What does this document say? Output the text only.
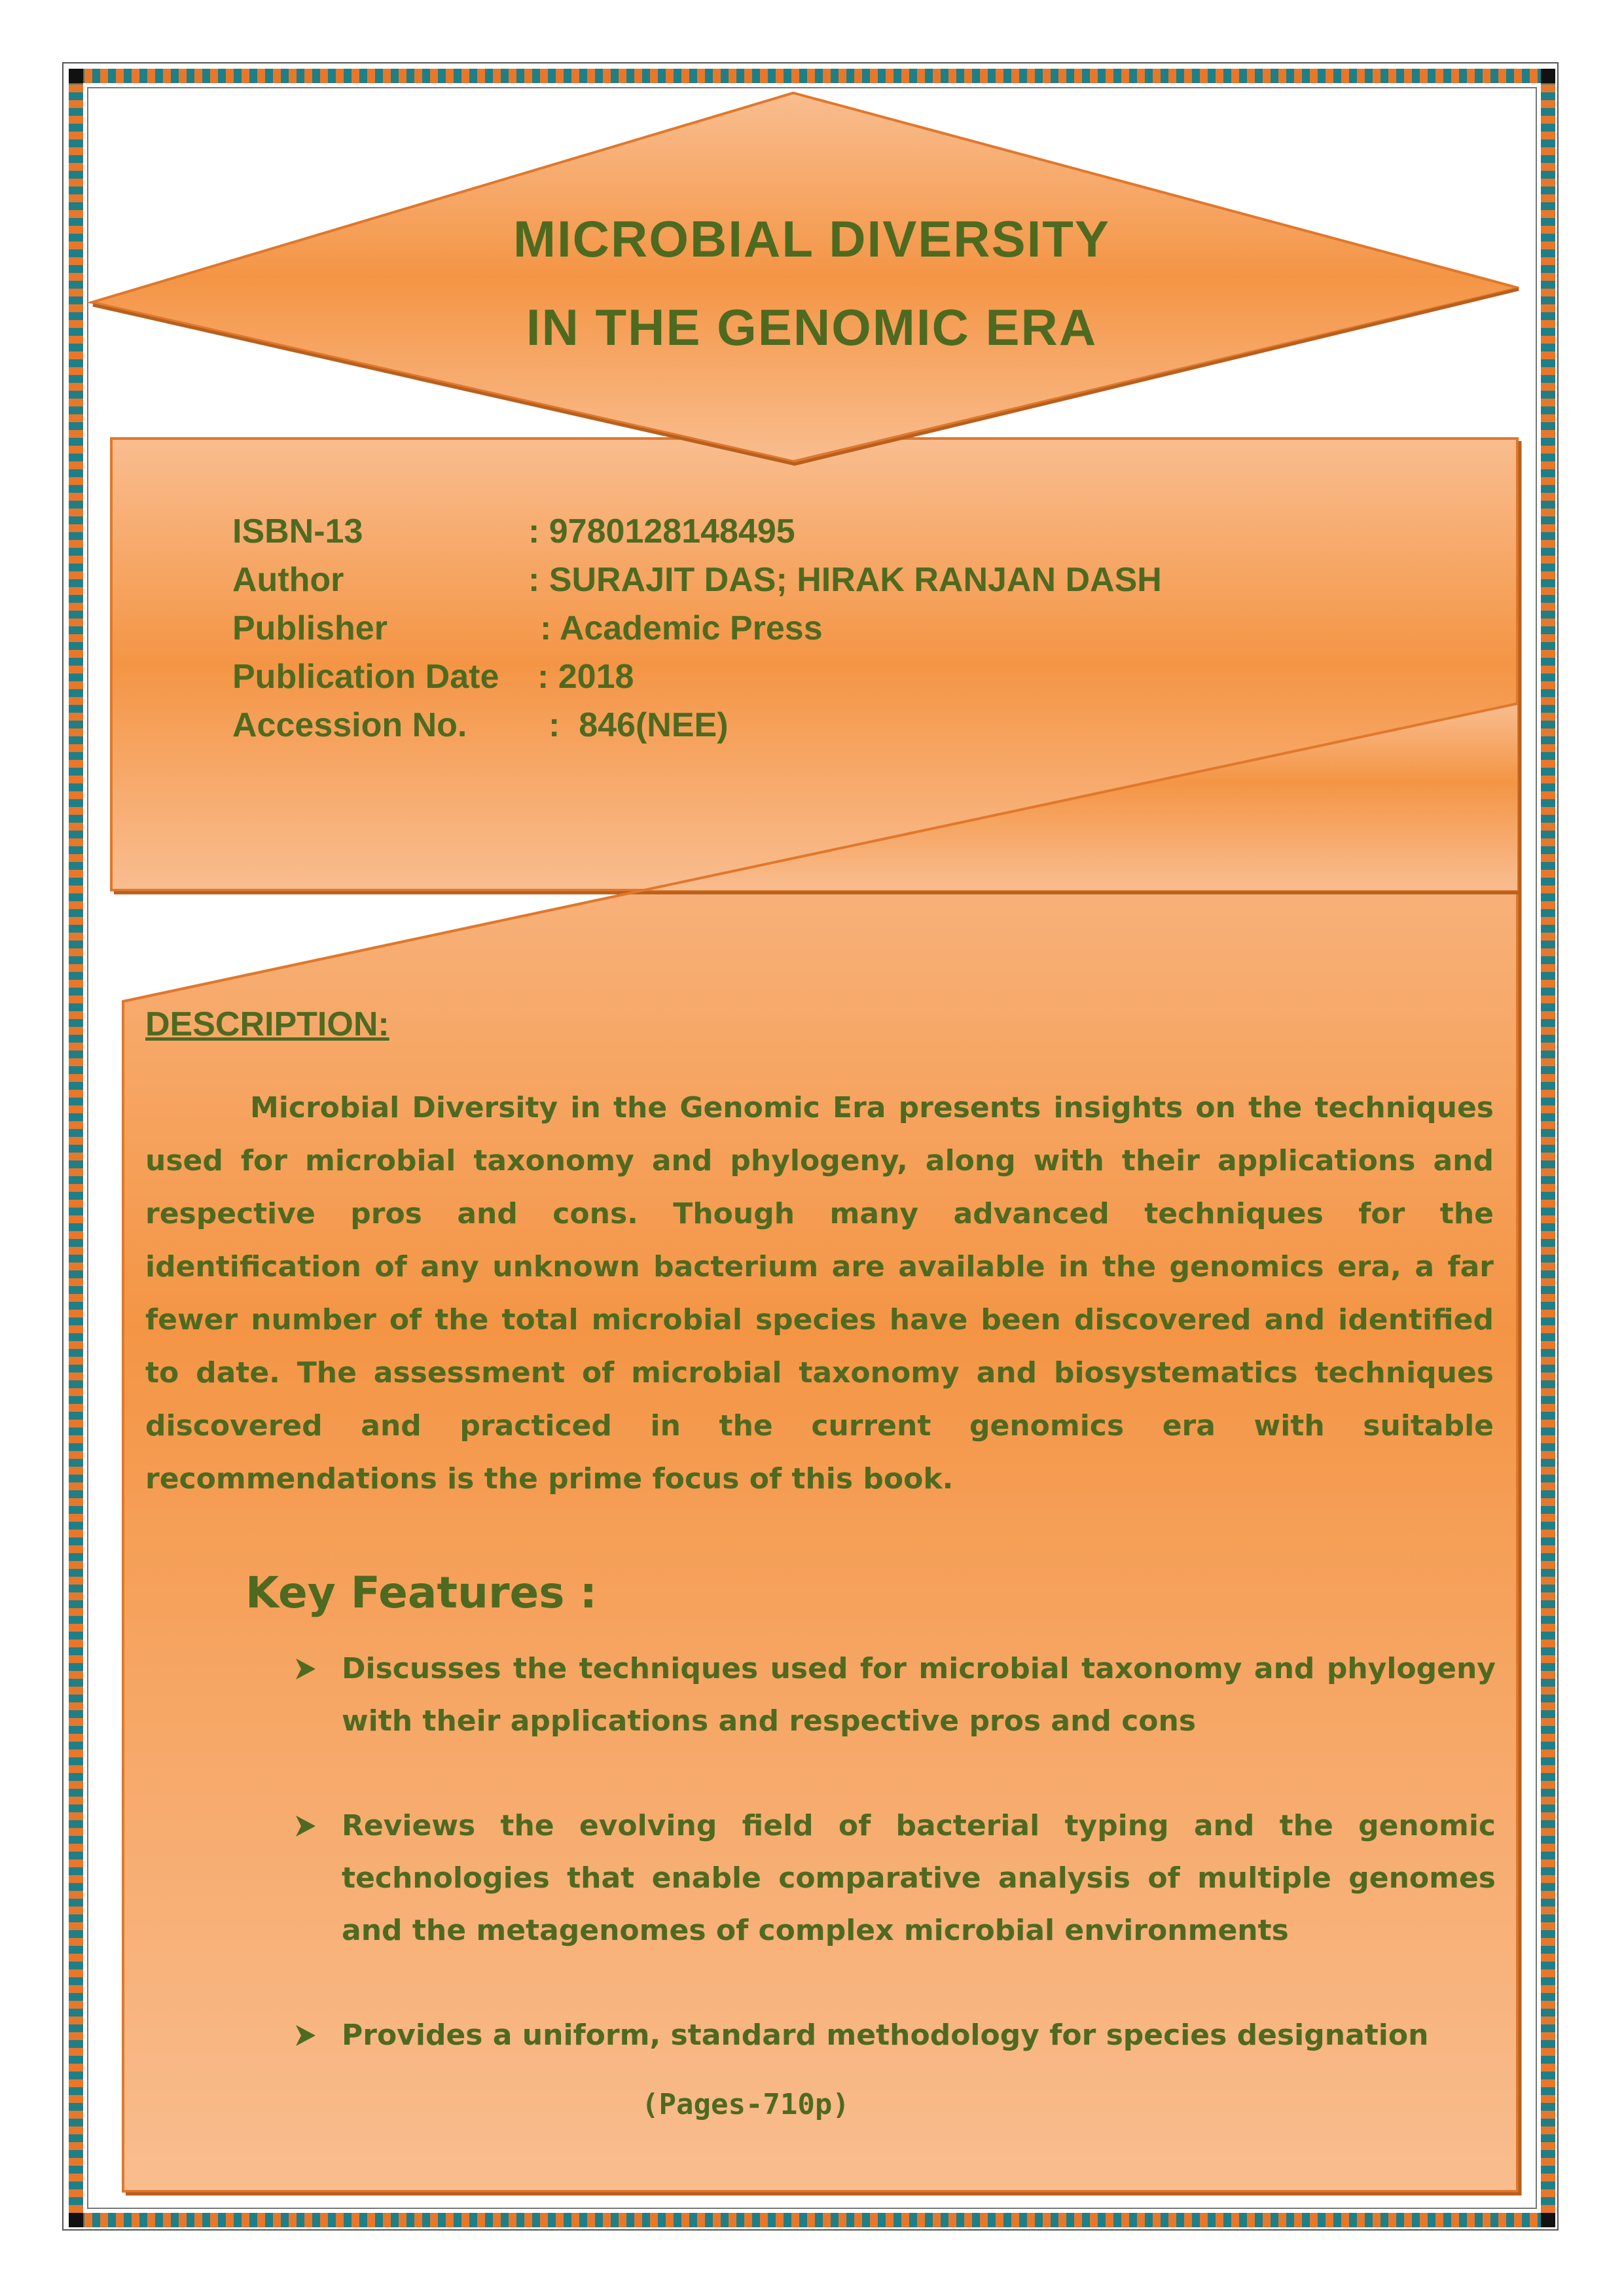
MICROBIAL DIVERSITY
IN THE GENOMIC ERA
ISBN-13	: 9780128148495
Author	: SURAJIT DAS; HIRAK RANJAN DASH
Publisher	: Academic Press
Publication Date : 2018
Accession No. :  846(NEE)
DESCRIPTION:
Microbial Diversity in the Genomic Era presents insights on the techniques used for microbial taxonomy and phylogeny, along with their applications and respective pros and cons. Though many advanced techniques for the identification of any unknown bacterium are available in the genomics era, a far fewer number of the total microbial species have been discovered and identified to date. The assessment of microbial taxonomy and biosystematics techniques discovered and practiced in the current genomics era with suitable recommendations is the prime focus of this book.
Key Features :
Discusses the techniques used for microbial taxonomy and phylogeny with their applications and respective pros and cons
Reviews the evolving field of bacterial typing and the genomic technologies that enable comparative analysis of multiple genomes and the metagenomes of complex microbial environments
Provides a uniform, standard methodology for species designation
(Pages-710p)
